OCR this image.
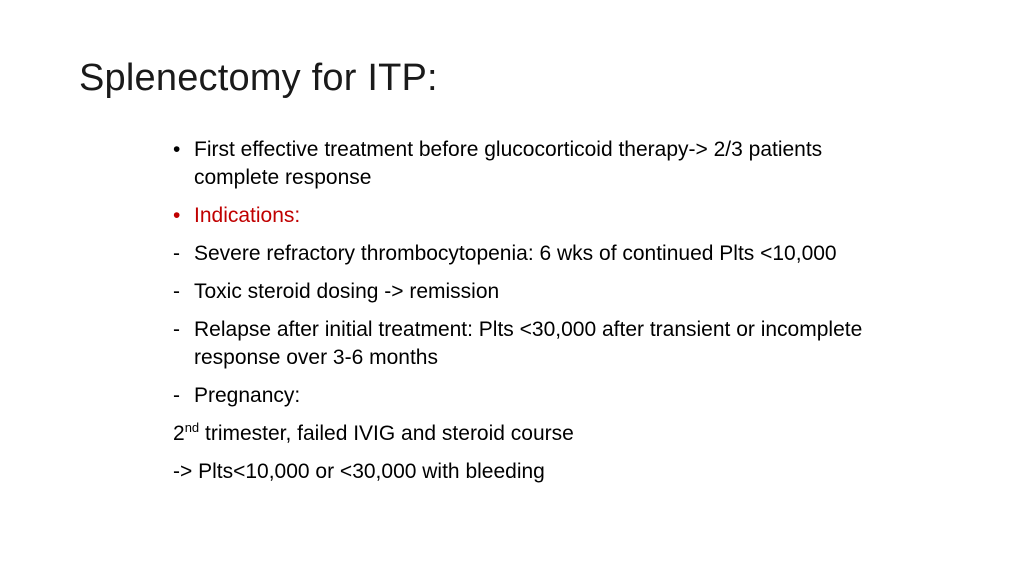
Splenectomy for ITP:
• First effective treatment before glucocorticoid therapy-> 2/3 patients complete response
• Indications:
- Severe refractory thrombocytopenia: 6 wks of continued Plts <10,000
- Toxic steroid dosing -> remission
- Relapse after initial treatment: Plts <30,000 after transient or incomplete response over 3-6 months
- Pregnancy:
2nd trimester, failed IVIG and steroid course
-> Plts<10,000 or <30,000 with bleeding
